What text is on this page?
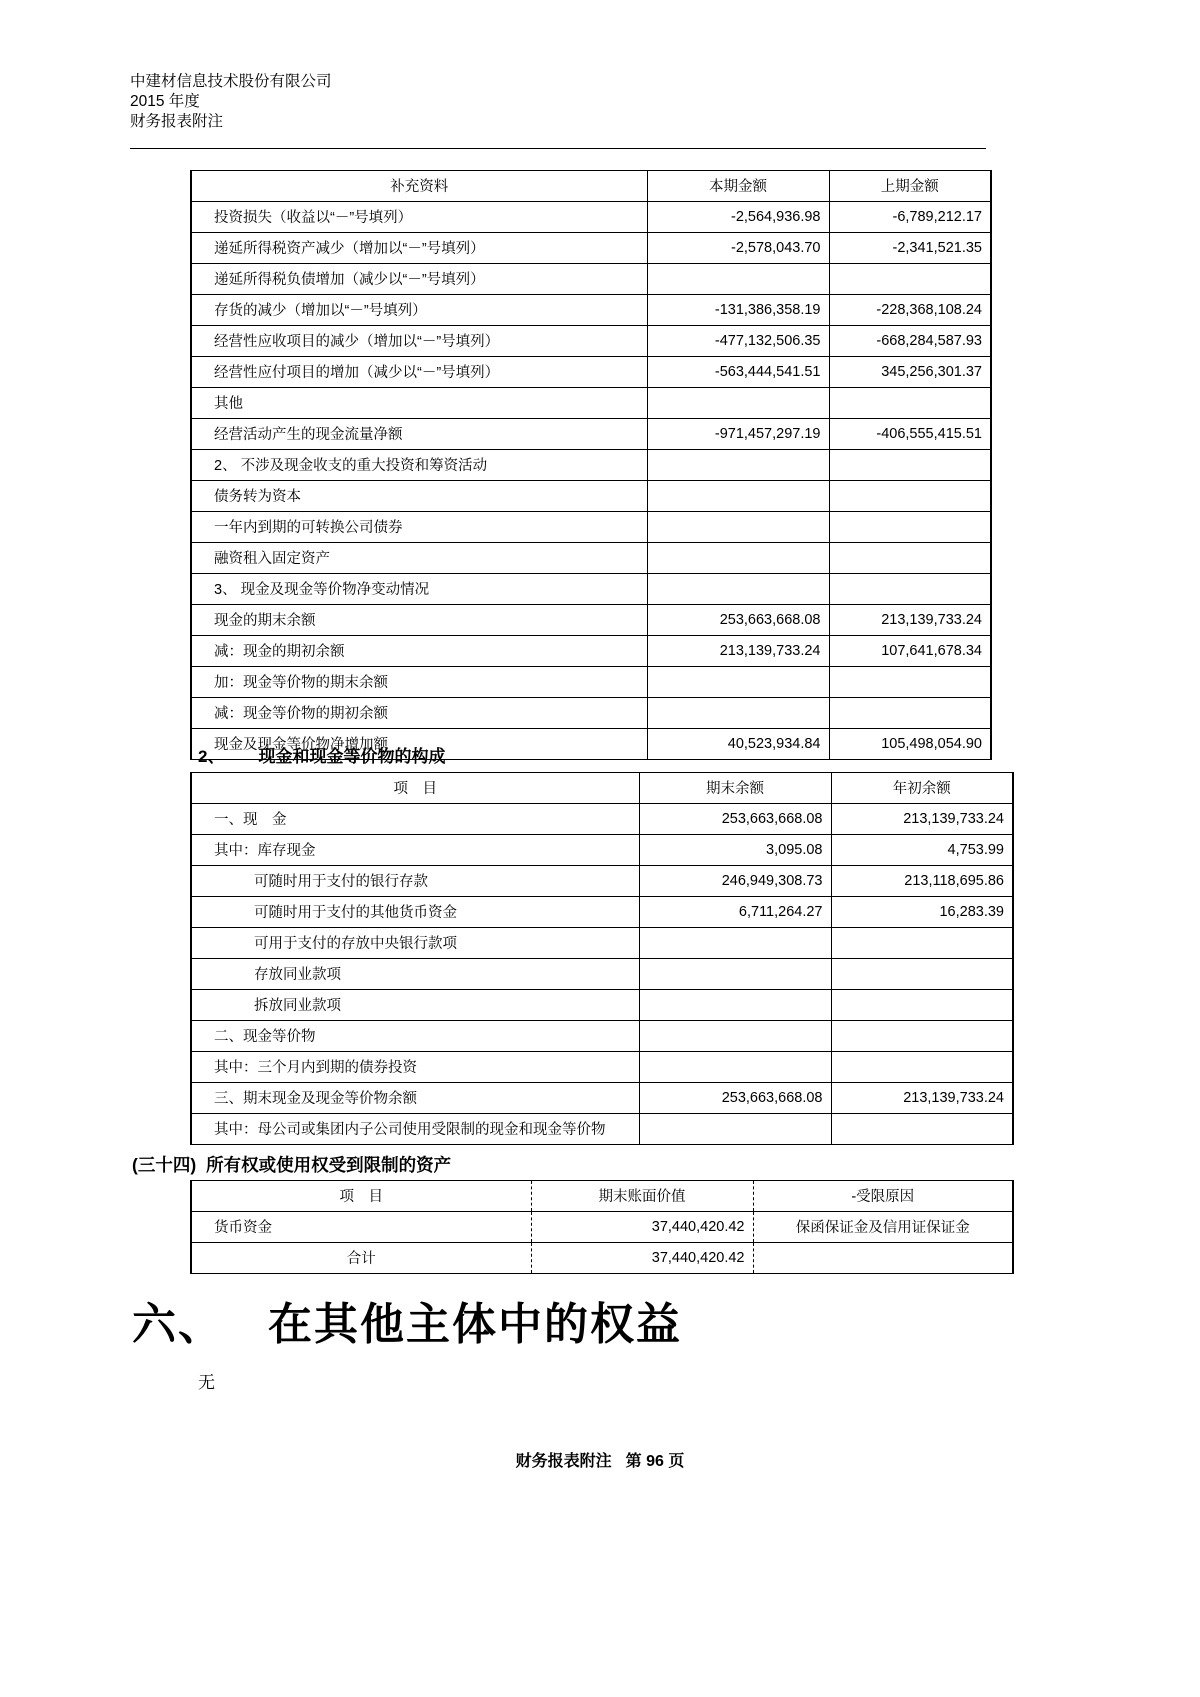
中建材信息技术股份有限公司
2015 年度
财务报表附注
补充资料	本期金额	上期金额
投资损失（收益以“－”号填列）	-2,564,936.98	-6,789,212.17
递延所得税资产减少（增加以“－”号填列）	-2,578,043.70	-2,341,521.35
递延所得税负债增加（减少以“－”号填列）		
存货的减少（增加以“－”号填列）	-131,386,358.19	-228,368,108.24
经营性应收项目的减少（增加以“－”号填列）	-477,132,506.35	-668,284,587.93
经营性应付项目的增加（减少以“－”号填列）	-563,444,541.51	345,256,301.37
其他		
经营活动产生的现金流量净额	-971,457,297.19	-406,555,415.51
2、 不涉及现金收支的重大投资和筹资活动		
债务转为资本		
一年内到期的可转换公司债券		
融资租入固定资产		
3、 现金及现金等价物净变动情况		
现金的期末余额	253,663,668.08	213,139,733.24
减：现金的期初余额	213,139,733.24	107,641,678.34
加：现金等价物的期末余额		
减：现金等价物的期初余额		
现金及现金等价物净增加额	40,523,934.84	105,498,054.90
2、 现金和现金等价物的构成
项　目	期末余额	年初余额
一、现　金	253,663,668.08	213,139,733.24
其中：库存现金	3,095.08	4,753.99
可随时用于支付的银行存款	246,949,308.73	213,118,695.86
可随时用于支付的其他货币资金	6,711,264.27	16,283.39
可用于支付的存放中央银行款项		
存放同业款项		
拆放同业款项		
二、现金等价物		
其中：三个月内到期的债券投资		
三、期末现金及现金等价物余额	253,663,668.08	213,139,733.24
其中：母公司或集团内子公司使用受限制的现金和现金等价物		
(三十四) 所有权或使用权受到限制的资产
项　目	期末账面价值	-受限原因
货币资金	37,440,420.42	保函保证金及信用证保证金
合计	37,440,420.42	
六、 在其他主体中的权益
无
财务报表附注 第 96 页
